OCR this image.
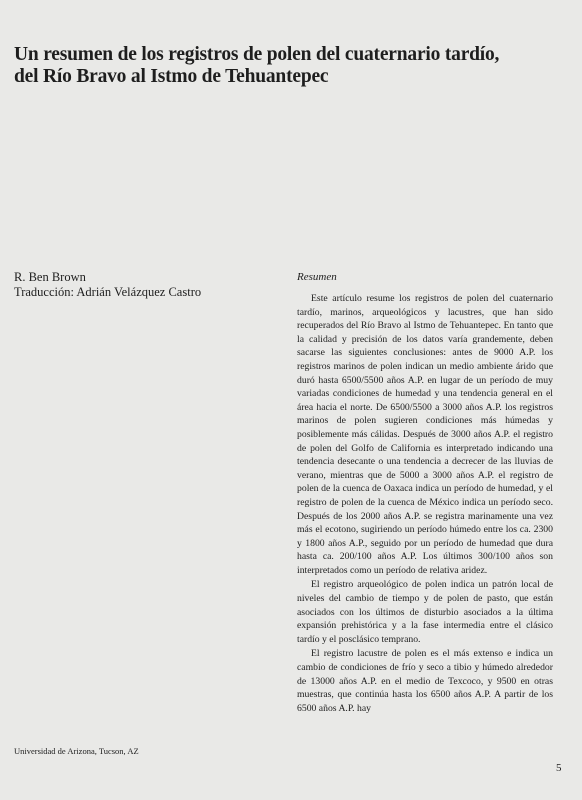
Un resumen de los registros de polen del cuaternario tardío,
del Río Bravo al Istmo de Tehuantepec
R. Ben Brown
Traducción: Adrián Velázquez Castro
Universidad de Arizona, Tucson, AZ
Resumen

Este artículo resume los registros de polen del cuaternario tardío, marinos, arqueológicos y lacustres, que han sido recuperados del Río Bravo al Istmo de Tehuantepec. En tanto que la calidad y precisión de los datos varía grandemente, deben sacarse las siguientes conclusiones: antes de 9000 A.P. los registros marinos de polen indican un medio ambiente árido que duró hasta 6500/5500 años A.P. en lugar de un período de muy variadas condiciones de humedad y una tendencia general en el área hacia el norte. De 6500/5500 a 3000 años A.P. los registros marinos de polen sugieren condiciones más húmedas y posiblemente más cálidas. Después de 3000 años A.P. el registro de polen del Golfo de California es interpretado indicando una tendencia desecante o una tendencia a decrecer de las lluvias de verano, mientras que de 5000 a 3000 años A.P. el registro de polen de la cuenca de Oaxaca indica un período de humedad, y el registro de polen de la cuenca de México indica un período seco. Después de los 2000 años A.P. se registra marinamente una vez más el ecotono, sugiriendo un período húmedo entre los ca. 2300 y 1800 años A.P., seguido por un período de humedad que dura hasta ca. 200/100 años A.P. Los últimos 300/100 años son interpretados como un período de relativa aridez.

El registro arqueológico de polen indica un patrón local de niveles del cambio de tiempo y de polen de pasto, que están asociados con los últimos de disturbio asociados a la última expansión prehistórica y a la fase intermedia entre el clásico tardío y el posclásico temprano.

El registro lacustre de polen es el más extenso e indica un cambio de condiciones de frío y seco a tibio y húmedo alrededor de 13000 años A.P. en el medio de Texcoco, y 9500 en otras muestras, que continúa hasta los 6500 años A.P. A partir de los 6500 años A.P. hay

5
